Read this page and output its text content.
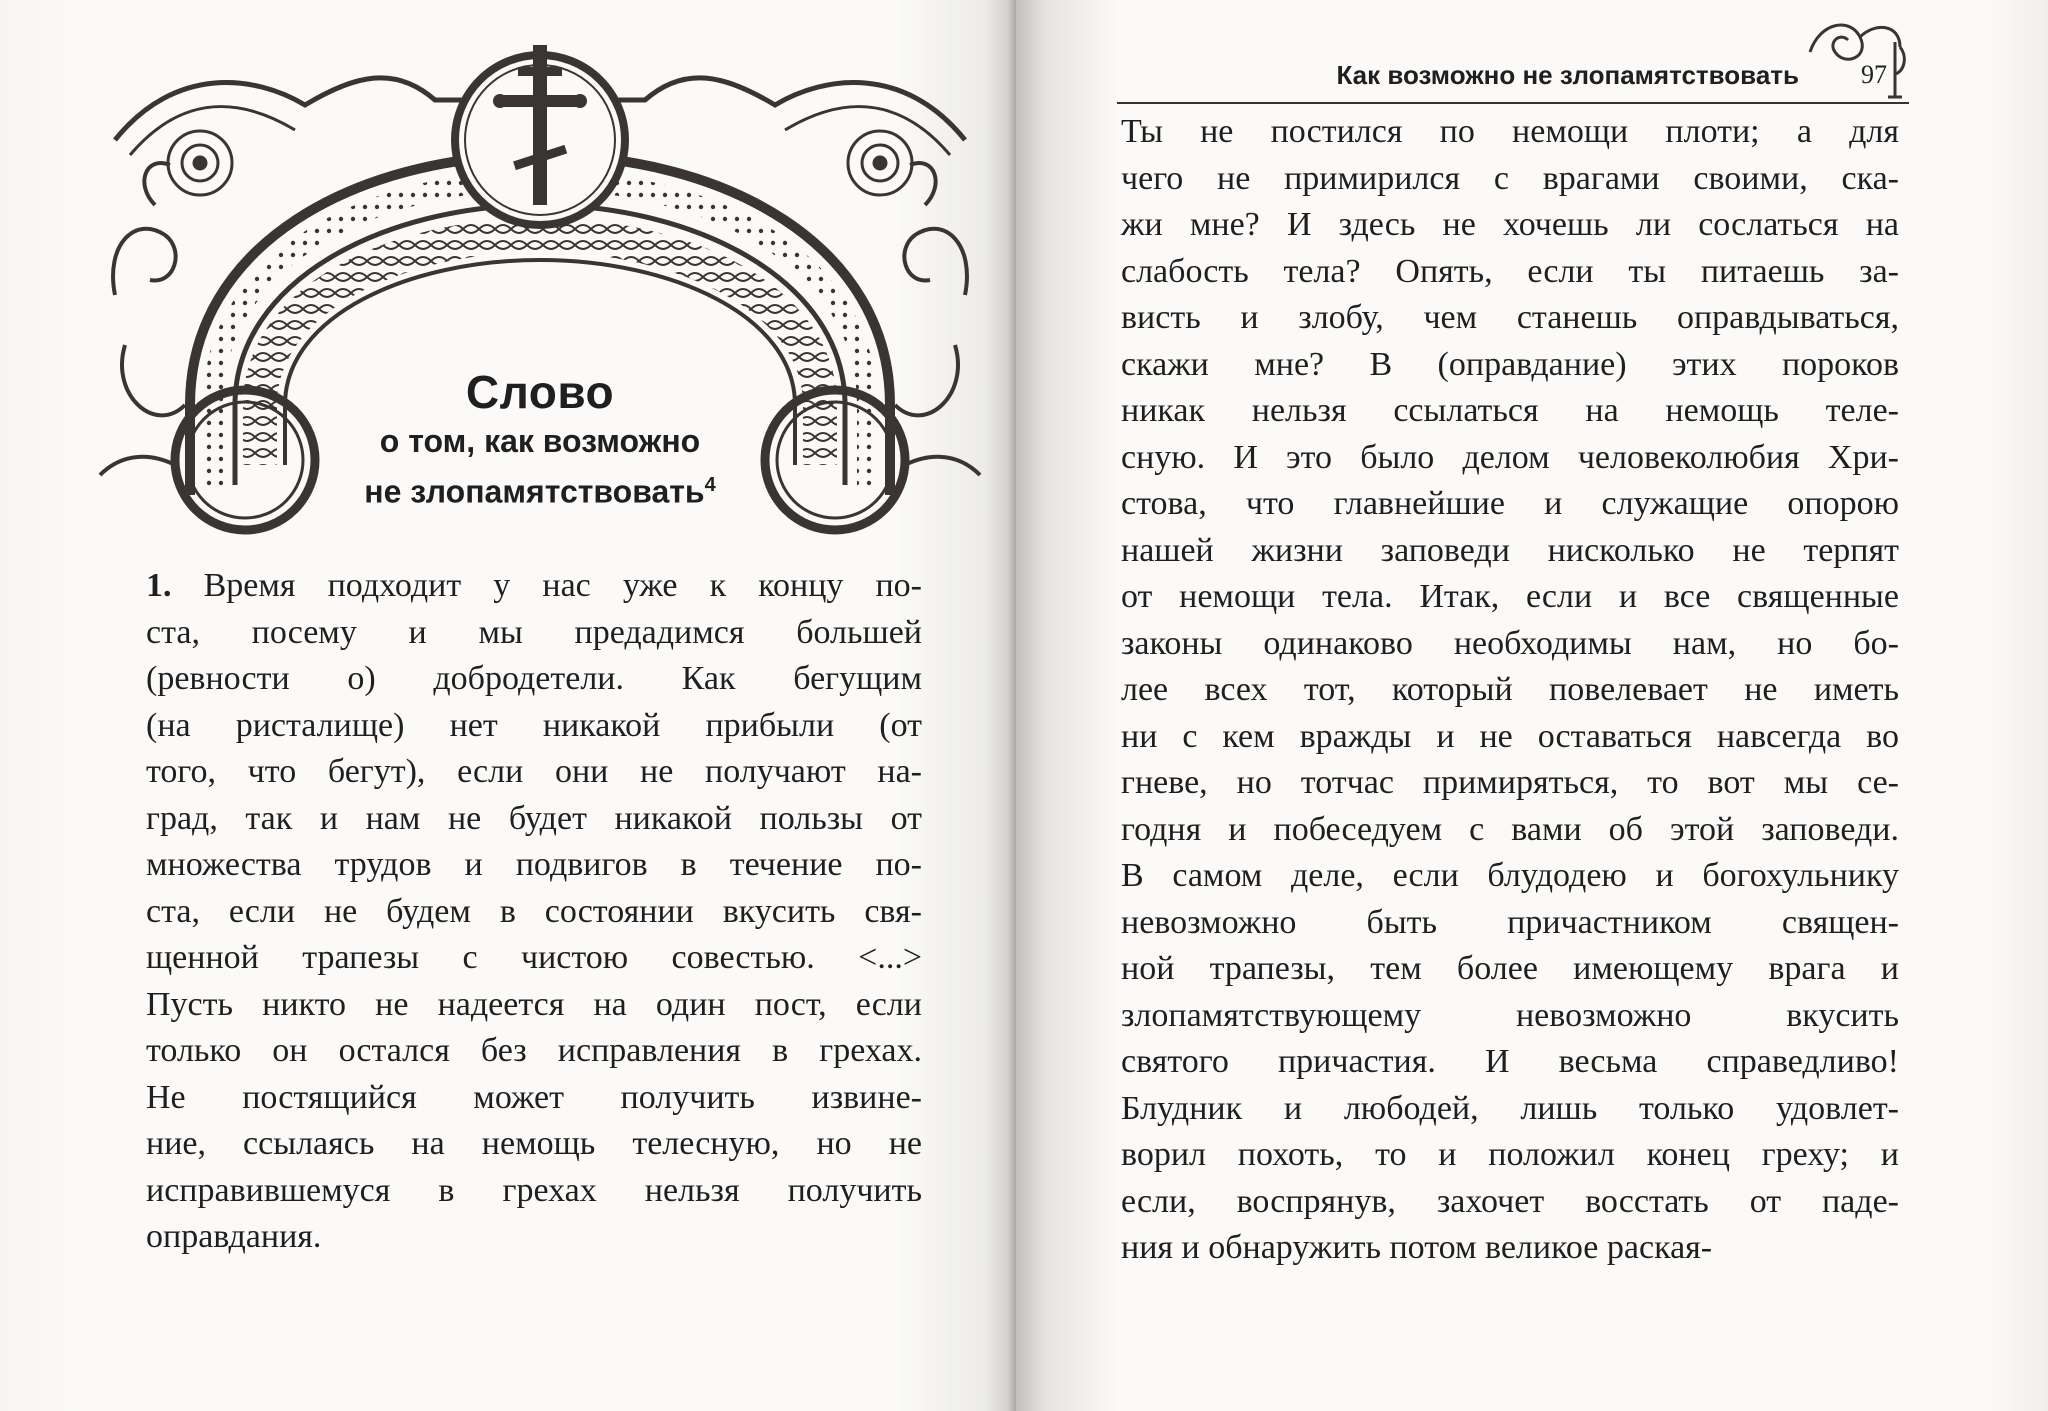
Слово
о том, как возможно
не злопамятствовать$^4$
1. Время подходит у нас уже к концу по-
ста, посему и мы предадимся большей
(ревности о) добродетели. Как бегущим
(на ристалище) нет никакой прибыли (от
того, что бегут), если они не получают на-
град, так и нам не будет никакой пользы от
множества трудов и подвигов в течение по-
ста, если не будем в состоянии вкусить свя-
щенной трапезы с чистою совестью. <...>
Пусть никто не надеется на один пост, если
только он остался без исправления в грехах.
Не постящийся может получить извине-
ние, ссылаясь на немощь телесную, но не
исправившемуся в грехах нельзя получить
оправдания.
Как возможно не злопамятствовать 97
Ты не постился по немощи плоти; а для
чего не примирился с врагами своими, ска-
жи мне? И здесь не хочешь ли сослаться на
слабость тела? Опять, если ты питаешь за-
висть и злобу, чем станешь оправдываться,
скажи мне? В (оправдание) этих пороков
никак нельзя ссылаться на немощь теле-
сную. И это было делом человеколюбия Хри-
стова, что главнейшие и служащие опорою
нашей жизни заповеди нисколько не терпят
от немощи тела. Итак, если и все священные
законы одинаково необходимы нам, но бо-
лее всех тот, который повелевает не иметь
ни с кем вражды и не оставаться навсегда во
гневе, но тотчас примиряться, то вот мы се-
годня и побеседуем с вами об этой заповеди.
В самом деле, если блудодею и богохульнику
невозможно быть причастником священ-
ной трапезы, тем более имеющему врага и
злопамятствующему невозможно вкусить
святого причастия. И весьма справедливо!
Блудник и любодей, лишь только удовлет-
ворил похоть, то и положил конец греху; и
если, воспрянув, захочет восстать от паде-
ния и обнаружить потом великое раская-
